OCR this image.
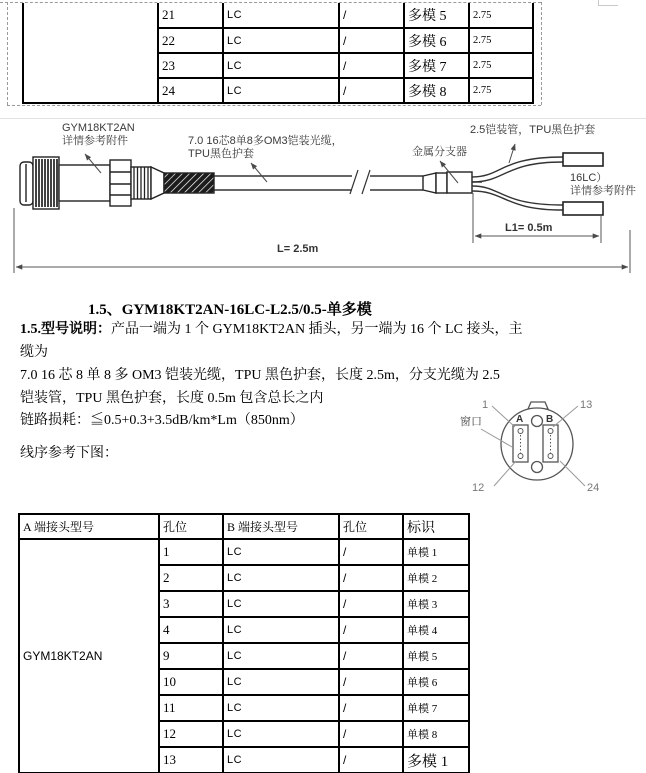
	21	LC	/	多模 5	2.75
	22	LC	/	多模 6	2.75
	23	LC	/	多模 7	2.75
	24	LC	/	多模 8	2.75
GYM18KT2AN
详情参考附件	7.0 16芯8单8多OM3铠装光缆，
TPU黑色护套	金属分支器
2.5铠装管，TPU黑色护套
16LC）
详情参考附件
L1= 0.5m
L= 2.5m
1.5、GYM18KT2AN-16LC-L2.5/0.5-单多模
1.5.型号说明：产品一端为 1 个 GYM18KT2AN 插头，另一端为 16 个 LC 接头，主
缆为
7.0 16 芯 8 单 8 多 OM3 铠装光缆，TPU 黑色护套，长度 2.5m，分支光缆为 2.5
铠装管，TPU 黑色护套，长度 0.5m 包含总长之内
链路损耗：≦0.5+0.3+3.5dB/km*Lm（850nm）
线序参考下图：
1	13
12	24
窗口	A B
A 端接头型号	孔位	B 端接头型号	孔位	标识
GYM18KT2AN	1	LC	/	单模 1
	2	LC	/	单模 2
	3	LC	/	单模 3
	4	LC	/	单模 4
	9	LC	/	单模 5
	10	LC	/	单模 6
	11	LC	/	单模 7
	12	LC	/	单模 8
	13	LC	/	多模 1
